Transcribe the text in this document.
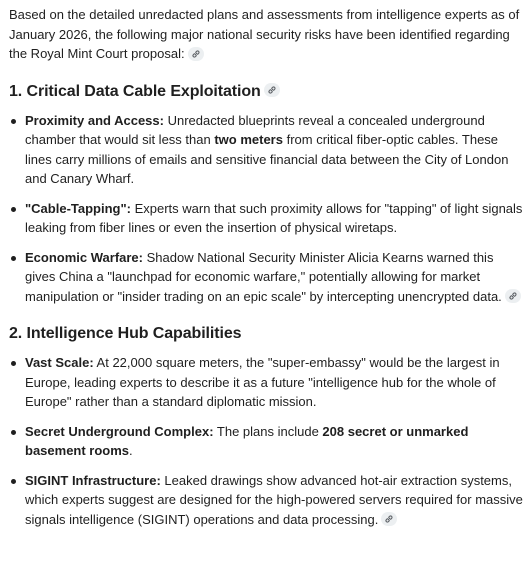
Based on the detailed unredacted plans and assessments from intelligence experts as of January 2026, the following major national security risks have been identified regarding the Royal Mint Court proposal:

1. Critical Data Cable Exploitation
Proximity and Access: Unredacted blueprints reveal a concealed underground chamber that would sit less than two meters from critical fiber-optic cables. These lines carry millions of emails and sensitive financial data between the City of London and Canary Wharf.
"Cable-Tapping": Experts warn that such proximity allows for "tapping" of light signals leaking from fiber lines or even the insertion of physical wiretaps.
Economic Warfare: Shadow National Security Minister Alicia Kearns warned this gives China a "launchpad for economic warfare," potentially allowing for market manipulation or "insider trading on an epic scale" by intercepting unencrypted data.
2. Intelligence Hub Capabilities
Vast Scale: At 22,000 square meters, the "super-embassy" would be the largest in Europe, leading experts to describe it as a future "intelligence hub for the whole of Europe" rather than a standard diplomatic mission.
Secret Underground Complex: The plans include 208 secret or unmarked basement rooms.
SIGINT Infrastructure: Leaked drawings show advanced hot-air extraction systems, which experts suggest are designed for the high-powered servers required for massive signals intelligence (SIGINT) operations and data processing.
